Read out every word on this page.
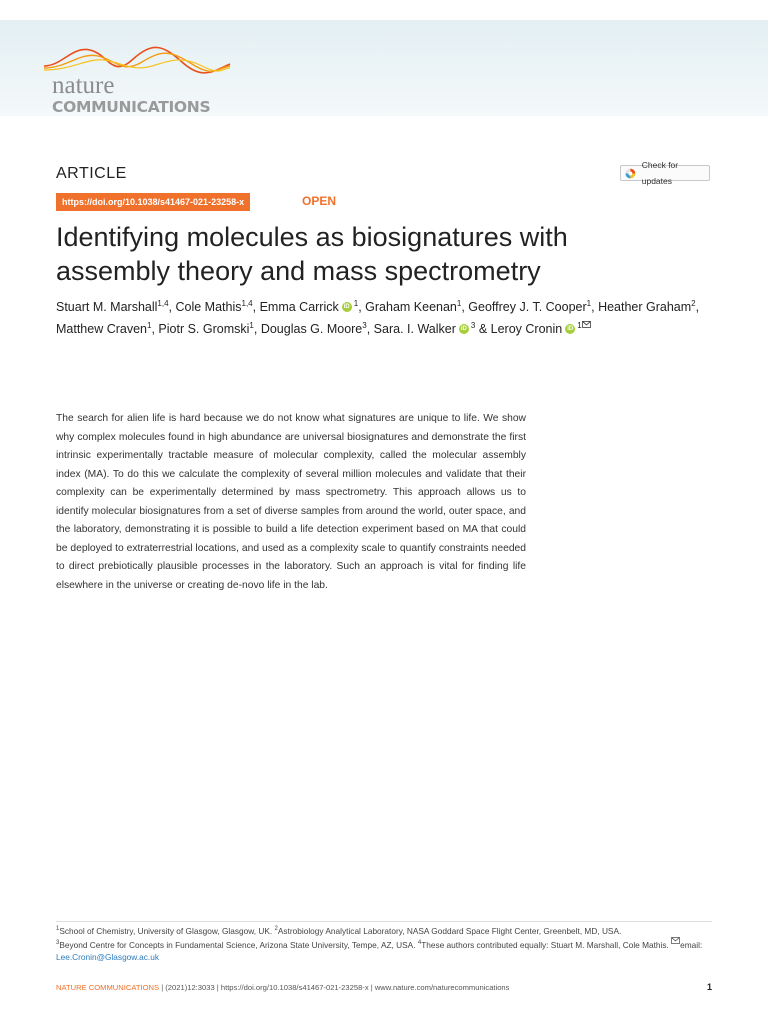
nature
COMMUNICATIONS
ARTICLE	Check for updates
https://doi.org/10.1038/s41467-021-23258-x	OPEN
Identifying molecules as biosignatures with assembly theory and mass spectrometry
Stuart M. Marshall$^{1,4}$, Cole Mathis$^{1,4}$, Emma Carrick iD $^1$, Graham Keenan$^1$, Geoffrey J. T. Cooper$^1$, Heather Graham$^2$, Matthew Craven$^1$, Piotr S. Gromski$^1$, Douglas G. Moore$^3$, Sara. I. Walker iD $^3$ & Leroy Cronin iD $^1$

The search for alien life is hard because we do not know what signatures are unique to life. We show why complex molecules found in high abundance are universal biosignatures and demonstrate the first intrinsic experimentally tractable measure of molecular complexity, called the molecular assembly index (MA). To do this we calculate the complexity of several million molecules and validate that their complexity can be experimentally determined by mass spectrometry. This approach allows us to identify molecular biosignatures from a set of diverse samples from around the world, outer space, and the laboratory, demonstrating it is possible to build a life detection experiment based on MA that could be deployed to extraterrestrial locations, and used as a complexity scale to quantify constraints needed to direct prebiotically plausible processes in the laboratory. Such an approach is vital for finding life elsewhere in the universe or creating de-novo life in the lab.

$^1$School of Chemistry, University of Glasgow, Glasgow, UK. $^2$Astrobiology Analytical Laboratory, NASA Goddard Space Flight Center, Greenbelt, MD, USA.
$^3$Beyond Centre for Concepts in Fundamental Science, Arizona State University, Tempe, AZ, USA. $^4$These authors contributed equally: Stuart M. Marshall, Cole Mathis. email: Lee.Cronin@Glasgow.ac.uk
NATURE COMMUNICATIONS | (2021)12:3033 | https://doi.org/10.1038/s41467-021-23258-x | www.nature.com/naturecommunications	1
